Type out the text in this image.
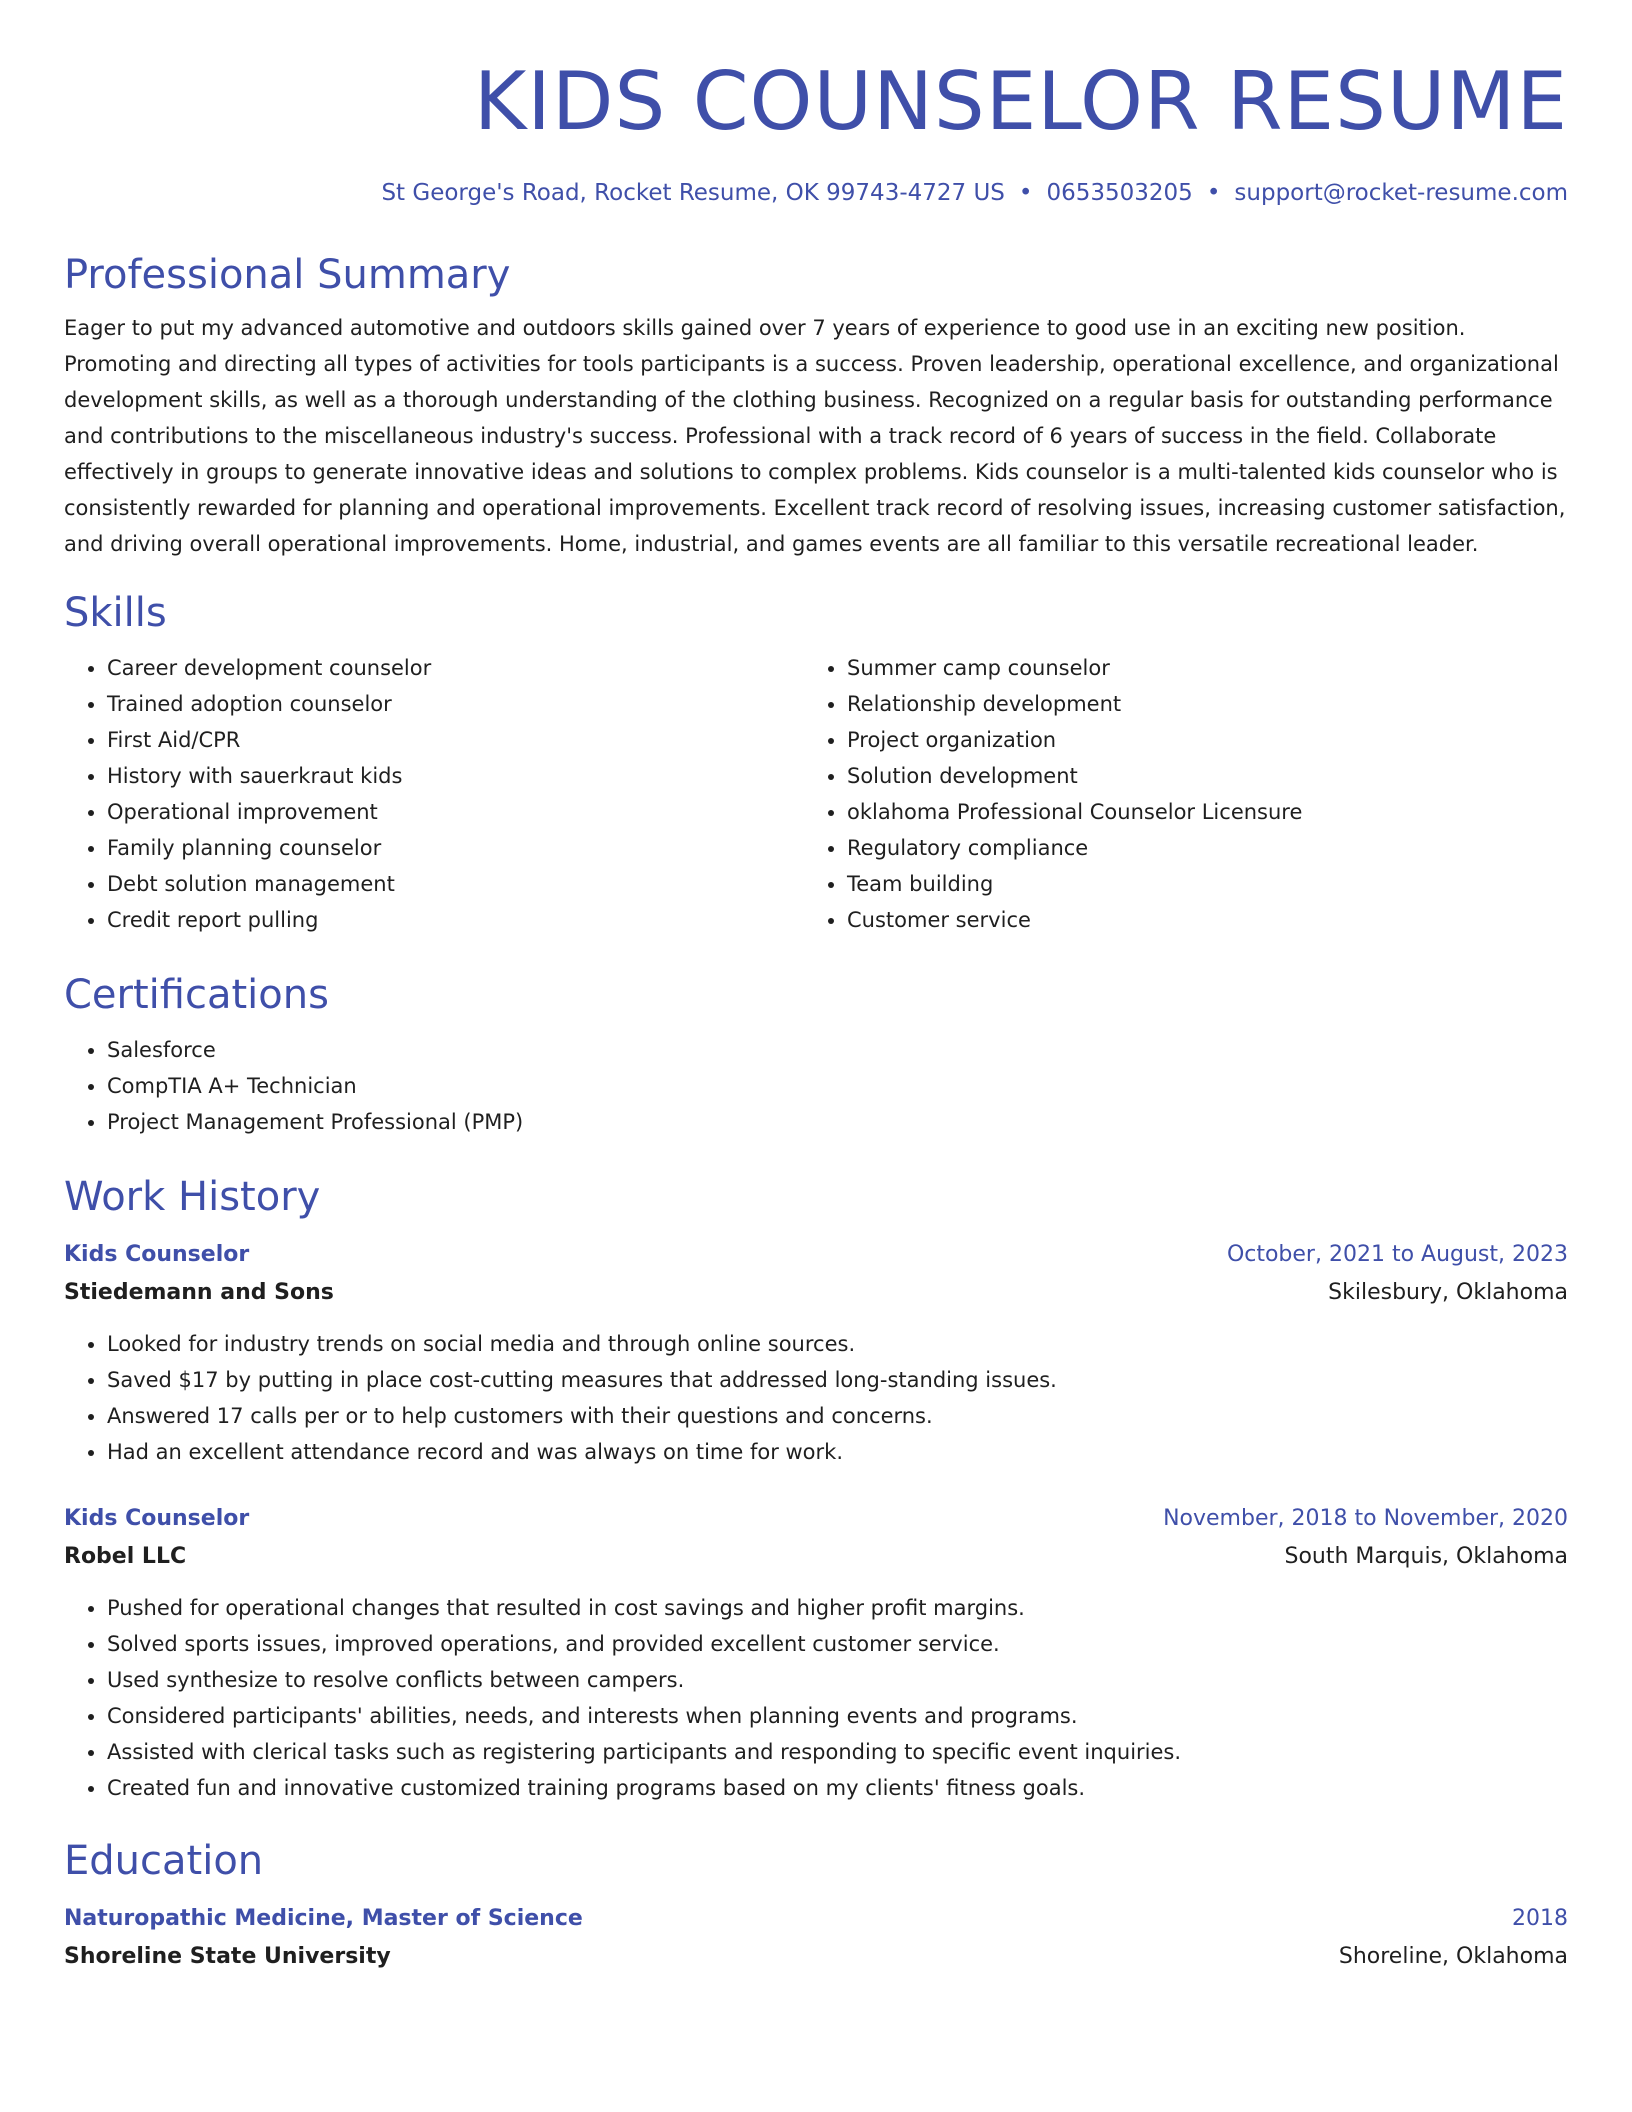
KIDS COUNSELOR RESUME
St George's Road, Rocket Resume, OK 99743-4727 US • 0653503205 • support@rocket-resume.com
Professional Summary

Eager to put my advanced automotive and outdoors skills gained over 7 years of experience to good use in an exciting new position. Promoting and directing all types of activities for tools participants is a success. Proven leadership, operational excellence, and organizational development skills, as well as a thorough understanding of the clothing business. Recognized on a regular basis for outstanding performance and contributions to the miscellaneous industry's success. Professional with a track record of 6 years of success in the field. Collaborate effectively in groups to generate innovative ideas and solutions to complex problems. Kids counselor is a multi-talented kids counselor who is consistently rewarded for planning and operational improvements. Excellent track record of resolving issues, increasing customer satisfaction, and driving overall operational improvements. Home, industrial, and games events are all familiar to this versatile recreational leader.

Skills
• Career development counselor
• Trained adoption counselor
• First Aid/CPR
• History with sauerkraut kids
• Operational improvement
• Family planning counselor
• Debt solution management
• Credit report pulling
• Summer camp counselor
• Relationship development
• Project organization
• Solution development
• oklahoma Professional Counselor Licensure
• Regulatory compliance
• Team building
• Customer service
Certifications
• Salesforce
• CompTIA A+ Technician
• Project Management Professional (PMP)
Work History
Kids Counselor	October, 2021 to August, 2023
Stiedemann and Sons	Skilesbury, Oklahoma
• Looked for industry trends on social media and through online sources.
• Saved $17 by putting in place cost-cutting measures that addressed long-standing issues.
• Answered 17 calls per or to help customers with their questions and concerns.
• Had an excellent attendance record and was always on time for work.
Kids Counselor	November, 2018 to November, 2020
Robel LLC	South Marquis, Oklahoma
• Pushed for operational changes that resulted in cost savings and higher profit margins.
• Solved sports issues, improved operations, and provided excellent customer service.
• Used synthesize to resolve conflicts between campers.
• Considered participants' abilities, needs, and interests when planning events and programs.
• Assisted with clerical tasks such as registering participants and responding to specific event inquiries.
• Created fun and innovative customized training programs based on my clients' fitness goals.
Education
Naturopathic Medicine, Master of Science	2018
Shoreline State University	Shoreline, Oklahoma
